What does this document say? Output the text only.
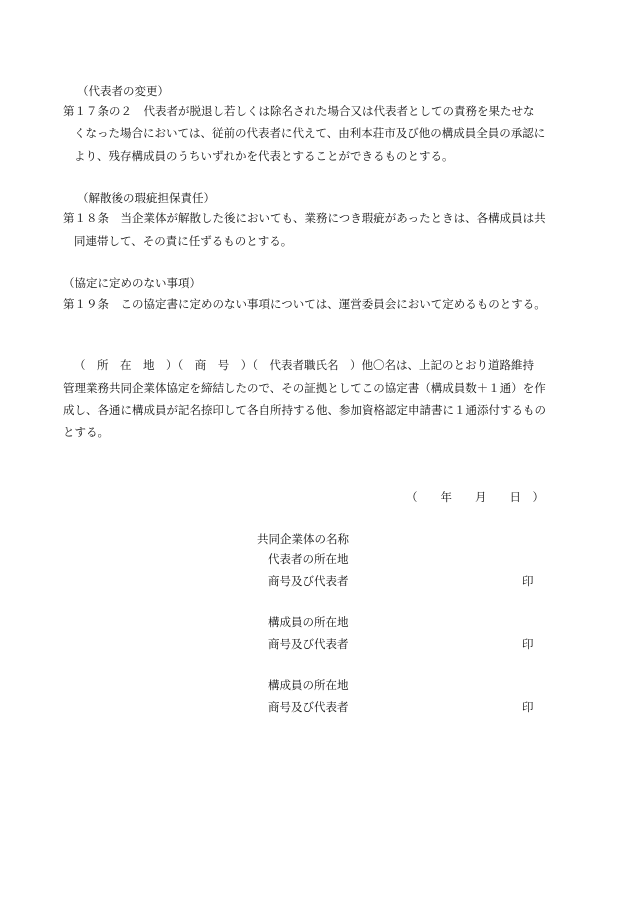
（代表者の変更）
第１７条の２　代表者が脱退し若しくは除名された場合又は代表者としての責務を果たせな
くなった場合においては、従前の代表者に代えて、由利本荘市及び他の構成員全員の承認に
より、残存構成員のうちいずれかを代表とすることができるものとする。
（解散後の瑕疵担保責任）
第１８条　当企業体が解散した後においても、業務につき瑕疵があったときは、各構成員は共
同連帯して、その責に任ずるものとする。
（協定に定めのない事項）
第１９条　この協定書に定めのない事項については、運営委員会において定めるものとする。
（　所　在　地　）（　商　号　）（　代表者職氏名　）他〇名は、上記のとおり道路維持
管理業務共同企業体協定を締結したので、その証拠としてこの協定書（構成員数＋１通）を作
成し、各通に構成員が記名捺印して各自所持する他、参加資格認定申請書に１通添付するもの
とする。
（　　年　　月　　日　）
共同企業体の名称
代表者の所在地
商号及び代表者	印
構成員の所在地
商号及び代表者	印
構成員の所在地
商号及び代表者	印
